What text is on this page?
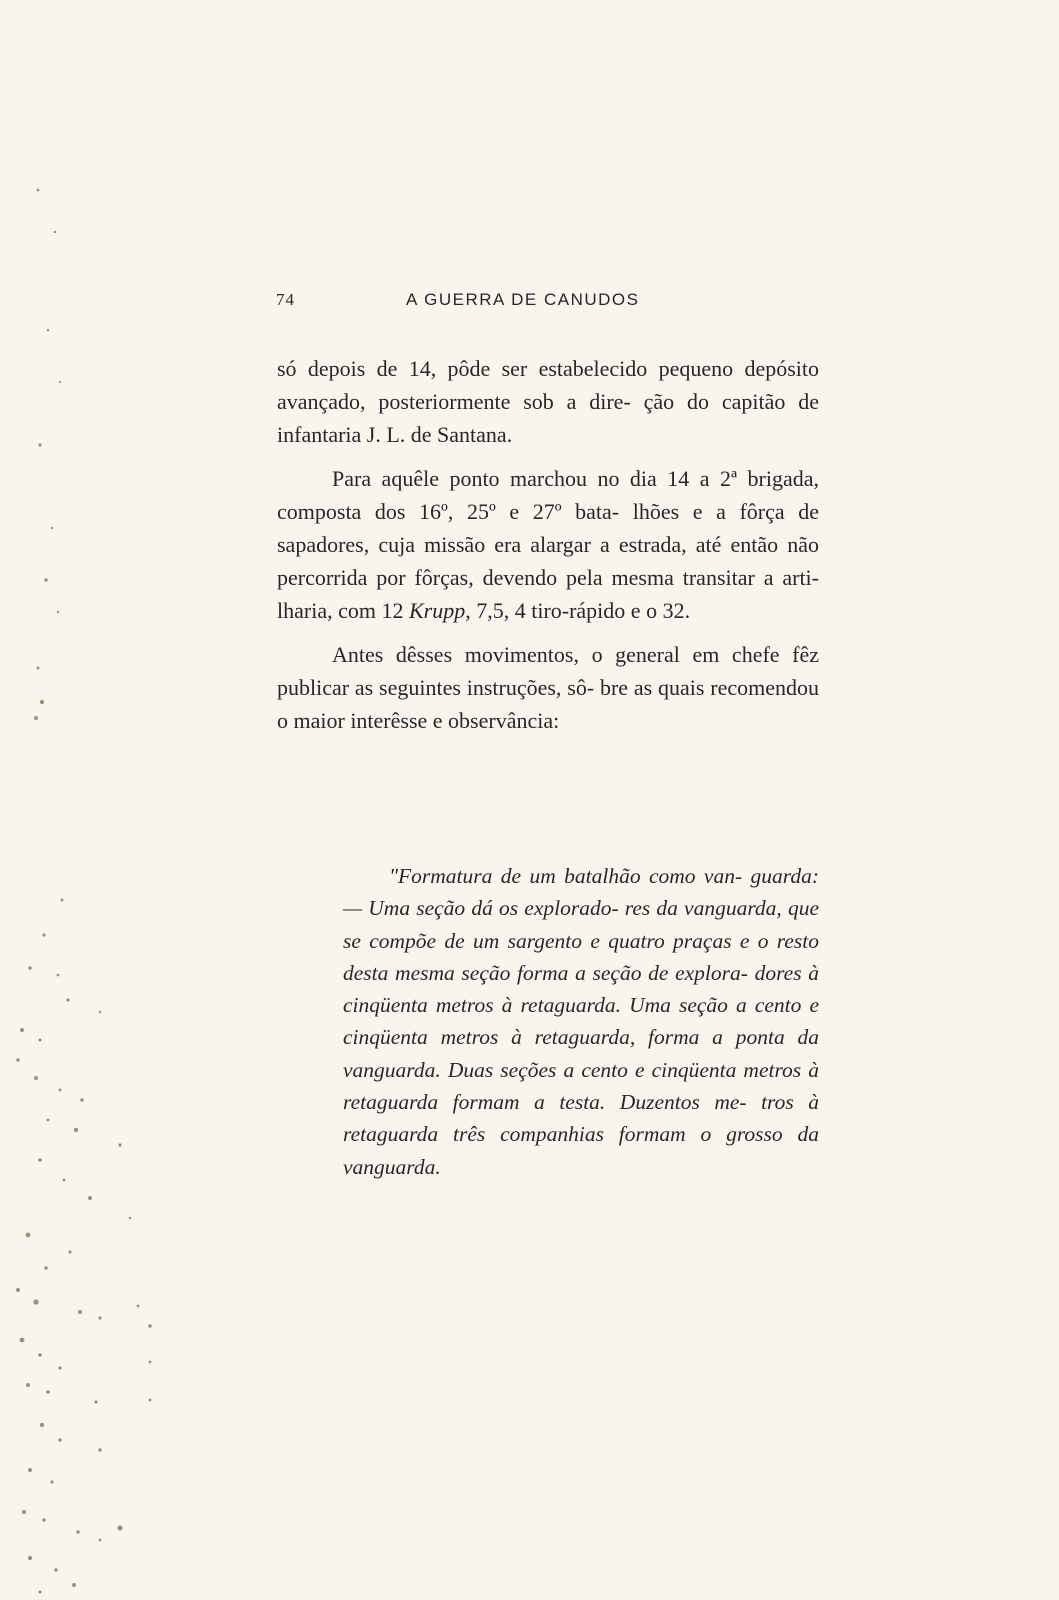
74	A GUERRA DE CANUDOS

só depois de 14, pôde ser estabelecido pequeno depósito avançado, posteriormente sob a dire- ção do capitão de infantaria J. L. de Santana.

Para aquêle ponto marchou no dia 14 a 2ª brigada, composta dos 16º, 25º e 27º bata- lhões e a fôrça de sapadores, cuja missão era alargar a estrada, até então não percorrida por fôrças, devendo pela mesma transitar a arti- lharia, com 12 Krupp, 7,5, 4 tiro-rápido e o 32.

Antes dêsses movimentos, o general em chefe fêz publicar as seguintes instruções, sô- bre as quais recomendou o maior interêsse e observância:

"Formatura de um batalhão como van- guarda: — Uma seção dá os explorado- res da vanguarda, que se compõe de um sargento e quatro praças e o resto desta mesma seção forma a seção de explora- dores à cinqüenta metros à retaguarda. Uma seção a cento e cinqüenta metros à retaguarda, forma a ponta da vanguarda. Duas seções a cento e cinqüenta metros à retaguarda formam a testa. Duzentos me- tros à retaguarda três companhias formam o grosso da vanguarda.
